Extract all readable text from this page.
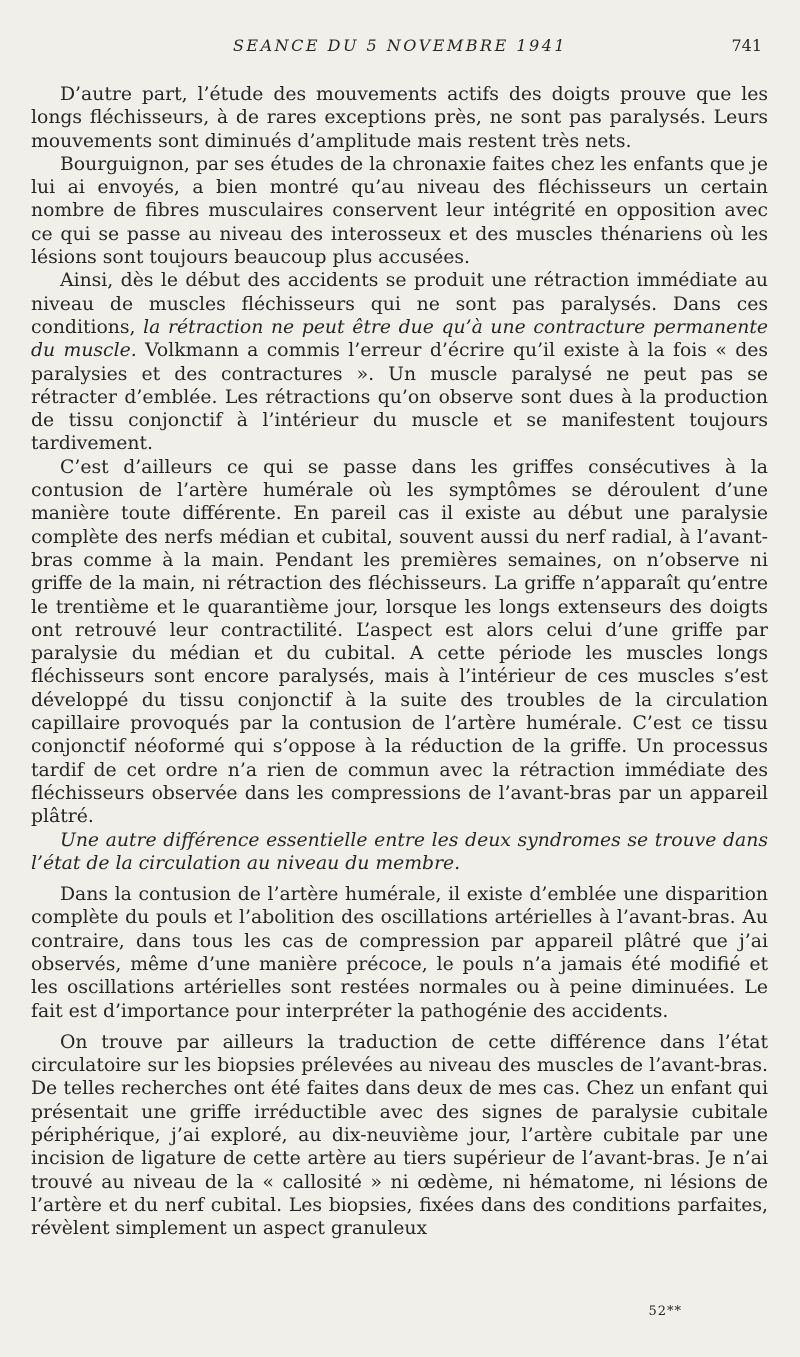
SEANCE DU 5 NOVEMBRE 1941	741

D’autre part, l’étude des mouvements actifs des doigts prouve que les longs fléchisseurs, à de rares exceptions près, ne sont pas paralysés. Leurs mouvements sont diminués d’amplitude mais restent très nets.

Bourguignon, par ses études de la chronaxie faites chez les enfants que je lui ai envoyés, a bien montré qu’au niveau des fléchisseurs un certain nombre de fibres musculaires conservent leur intégrité en opposition avec ce qui se passe au niveau des interosseux et des muscles thénariens où les lésions sont toujours beaucoup plus accusées.

Ainsi, dès le début des accidents se produit une rétraction immédiate au niveau de muscles fléchisseurs qui ne sont pas paralysés. Dans ces conditions, la rétraction ne peut être due qu’à une contracture permanente du muscle. Volkmann a commis l’erreur d’écrire qu’il existe à la fois « des paralysies et des contractures ». Un muscle paralysé ne peut pas se rétracter d’emblée. Les rétractions qu’on observe sont dues à la production de tissu conjonctif à l’intérieur du muscle et se manifestent toujours tardivement.

C’est d’ailleurs ce qui se passe dans les griffes consécutives à la contusion de l’artère humérale où les symptômes se déroulent d’une manière toute différente. En pareil cas il existe au début une paralysie complète des nerfs médian et cubital, souvent aussi du nerf radial, à l’avant-bras comme à la main. Pendant les premières semaines, on n’observe ni griffe de la main, ni rétraction des fléchisseurs. La griffe n’apparaît qu’entre le trentième et le quarantième jour, lorsque les longs extenseurs des doigts ont retrouvé leur contractilité. L’aspect est alors celui d’une griffe par paralysie du médian et du cubital. A cette période les muscles longs fléchisseurs sont encore paralysés, mais à l’intérieur de ces muscles s’est développé du tissu conjonctif à la suite des troubles de la circulation capillaire provoqués par la contusion de l’artère humérale. C’est ce tissu conjonctif néoformé qui s’oppose à la réduction de la griffe. Un processus tardif de cet ordre n’a rien de commun avec la rétraction immédiate des fléchisseurs observée dans les compressions de l’avant-bras par un appareil plâtré.

Une autre différence essentielle entre les deux syndromes se trouve dans l’état de la circulation au niveau du membre.

Dans la contusion de l’artère humérale, il existe d’emblée une disparition complète du pouls et l’abolition des oscillations artérielles à l’avant-bras. Au contraire, dans tous les cas de compression par appareil plâtré que j’ai observés, même d’une manière précoce, le pouls n’a jamais été modifié et les oscillations artérielles sont restées normales ou à peine diminuées. Le fait est d’importance pour interpréter la pathogénie des accidents.

On trouve par ailleurs la traduction de cette différence dans l’état circulatoire sur les biopsies prélevées au niveau des muscles de l’avant-bras. De telles recherches ont été faites dans deux de mes cas. Chez un enfant qui présentait une griffe irréductible avec des signes de paralysie cubitale périphérique, j’ai exploré, au dix-neuvième jour, l’artère cubitale par une incision de ligature de cette artère au tiers supérieur de l’avant-bras. Je n’ai trouvé au niveau de la « callosité » ni œdème, ni hématome, ni lésions de l’artère et du nerf cubital. Les biopsies, fixées dans des conditions parfaites, révèlent simplement un aspect granuleux

52**
